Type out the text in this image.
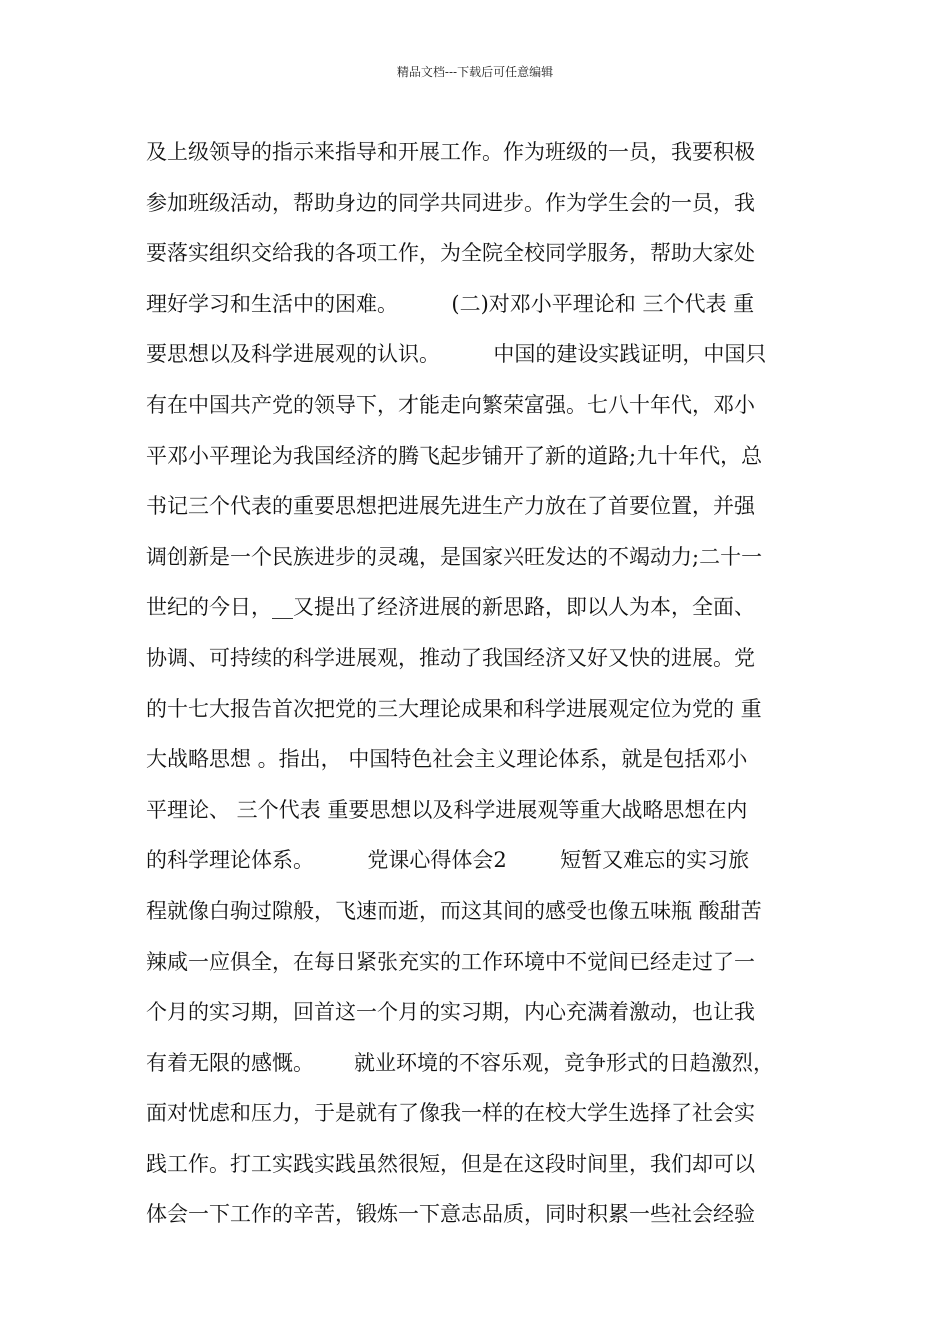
精品文档---下载后可任意编辑
及上级领导的指示来指导和开展工作。作为班级的一员，我要积极
参加班级活动，帮助身边的同学共同进步。作为学生会的一员，我
要落实组织交给我的各项工作，为全院全校同学服务，帮助大家处
理好学习和生活中的困难。        (二)对邓小平理论和 三个代表 重
要思想以及科学进展观的认识。        中国的建设实践证明，中国只
有在中国共产党的领导下，才能走向繁荣富强。七八十年代，邓小
平邓小平理论为我国经济的腾飞起步铺开了新的道路;九十年代，总
书记三个代表的重要思想把进展先进生产力放在了首要位置，并强
调创新是一个民族进步的灵魂，是国家兴旺发达的不竭动力;二十一
世纪的今日，__又提出了经济进展的新思路，即以人为本，全面、
协调、可持续的科学进展观，推动了我国经济又好又快的进展。党
的十七大报告首次把党的三大理论成果和科学进展观定位为党的 重
大战略思想 。指出， 中国特色社会主义理论体系，就是包括邓小
平理论、 三个代表 重要思想以及科学进展观等重大战略思想在内
的科学理论体系。        党课心得体会2        短暂又难忘的实习旅
程就像白驹过隙般，飞速而逝，而这其间的感受也像五味瓶 酸甜苦
辣咸一应俱全，在每日紧张充实的工作环境中不觉间已经走过了一
个月的实习期，回首这一个月的实习期，内心充满着激动，也让我
有着无限的感慨。      就业环境的不容乐观，竞争形式的日趋激烈，
面对忧虑和压力，于是就有了像我一样的在校大学生选择了社会实
践工作。打工实践实践虽然很短，但是在这段时间里，我们却可以
体会一下工作的辛苦，锻炼一下意志品质，同时积累一些社会经验
